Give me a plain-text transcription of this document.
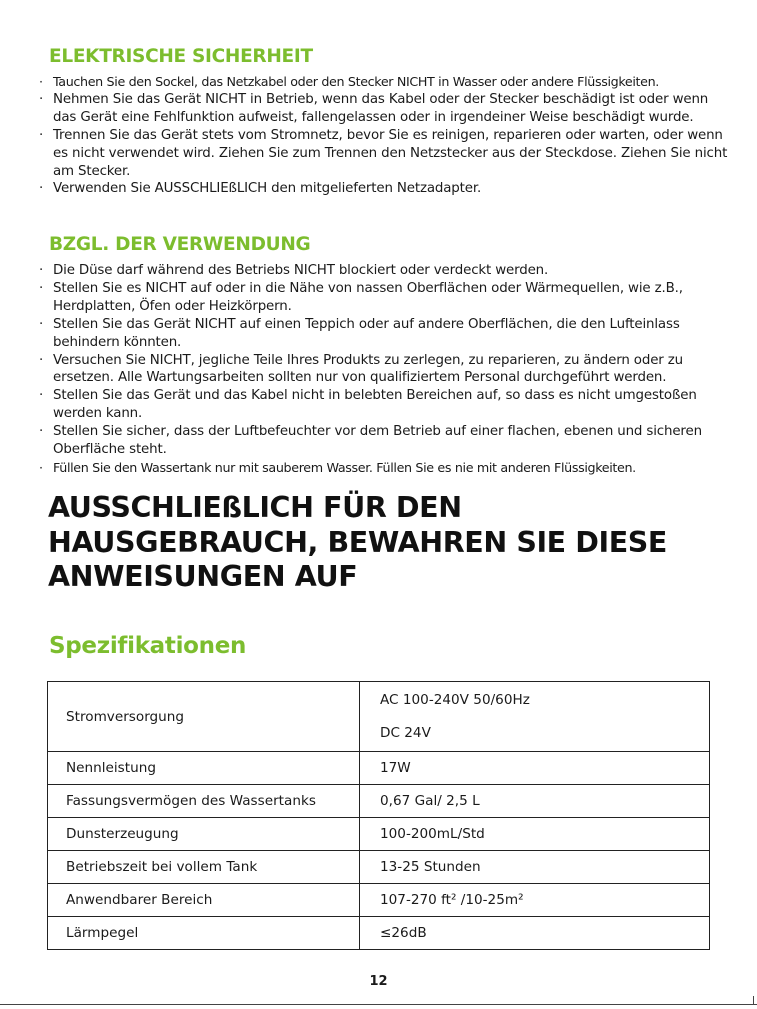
ELEKTRISCHE SICHERHEIT
· Tauchen Sie den Sockel, das Netzkabel oder den Stecker NICHT in Wasser oder andere Flüssigkeiten.
· Nehmen Sie das Gerät NICHT in Betrieb, wenn das Kabel oder der Stecker beschädigt ist oder wenn das Gerät eine Fehlfunktion aufweist, fallengelassen oder in irgendeiner Weise beschädigt wurde.
· Trennen Sie das Gerät stets vom Stromnetz, bevor Sie es reinigen, reparieren oder warten, oder wenn es nicht verwendet wird. Ziehen Sie zum Trennen den Netzstecker aus der Steckdose. Ziehen Sie nicht am Stecker.
· Verwenden Sie AUSSCHLIEßLICH den mitgelieferten Netzadapter.
BZGL. DER VERWENDUNG
· Die Düse darf während des Betriebs NICHT blockiert oder verdeckt werden.
· Stellen Sie es NICHT auf oder in die Nähe von nassen Oberflächen oder Wärmequellen, wie z.B., Herdplatten, Öfen oder Heizkörpern.
· Stellen Sie das Gerät NICHT auf einen Teppich oder auf andere Oberflächen, die den Lufteinlass behindern könnten.
· Versuchen Sie NICHT, jegliche Teile Ihres Produkts zu zerlegen, zu reparieren, zu ändern oder zu ersetzen. Alle Wartungsarbeiten sollten nur von qualifiziertem Personal durchgeführt werden.
· Stellen Sie das Gerät und das Kabel nicht in belebten Bereichen auf, so dass es nicht umgestoßen werden kann.
· Stellen Sie sicher, dass der Luftbefeuchter vor dem Betrieb auf einer flachen, ebenen und sicheren Oberfläche steht.
· Füllen Sie den Wassertank nur mit sauberem Wasser. Füllen Sie es nie mit anderen Flüssigkeiten.
AUSSCHLIEßLICH FÜR DEN
HAUSGEBRAUCH, BEWAHREN SIE DIESE
ANWEISUNGEN AUF
Spezifikationen
Stromversorgung	AC 100-240V 50/60Hz
DC 24V

Nennleistung	17W
Fassungsvermögen des Wassertanks	0,67 Gal/ 2,5 L
Dunsterzeugung	100-200mL/Std
Betriebszeit bei vollem Tank	13-25 Stunden
Anwendbarer Bereich	107-270 ft² /10-25m²
Lärmpegel	≤26dB
12
